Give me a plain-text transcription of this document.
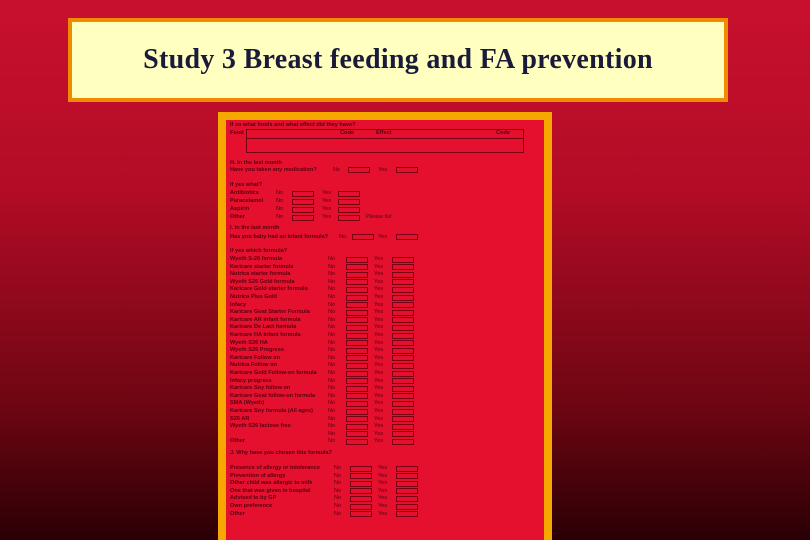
Study 3 Breast feeding and FA prevention
If so what foods and what effect did they have?
Food	Code	Effect	Code
H. In the last month
Have you taken any medication?	No	Yes
If yes what?
Antibiotics	No	Yes
Paracetamol No	Yes
Aspirin	No	Yes
Other	No	Yes	Please list
I. In the last month
Has you baby had an infant formula? No	Yes
If yes which formula?
Wyeth S-26 formula	No	Yes
Karicare starter formula	No	Yes
Nutrica starter formula	No	Yes
Wyeth S26 Gold formula	No	Yes
Karicare Gold starter formula	No	Yes
Nutrica Plus Gold	No	Yes
Infacy	No	Yes
Karicare Goat Starter Formula	No	Yes
Karicare AR infant formula	No	Yes
Karicare De Lact formula	No	Yes
Karicare HA infant formula	No	Yes
Wyeth S26 HA	No	Yes
Wyeth S26 Progress	No	Yes
Karicare Follow on	No	Yes
Nutrica Follow on	No	Yes
Karicare Gold Follow-on formula No	Yes
Infacy progress	No	Yes
Karicare Soy follow on	No	Yes
Karicare Goat follow-on formula No	Yes
SMA (Wyeth)	No	Yes
Karicare Soy formula (All ages)	No	Yes
S26 AR	No	Yes
Wyeth S26 lactose free	No	Yes
No	Yes
Other	No	Yes
J. Why have you chosen this formula?
Presence of allergy or intolerance	No	Yes
Prevention of allergy	No	Yes
Other child was allergic to milk	No	Yes
One that was given in hospital	No	Yes
Advised to by GP	No	Yes
Own preference	No	Yes
Other	No	Yes
